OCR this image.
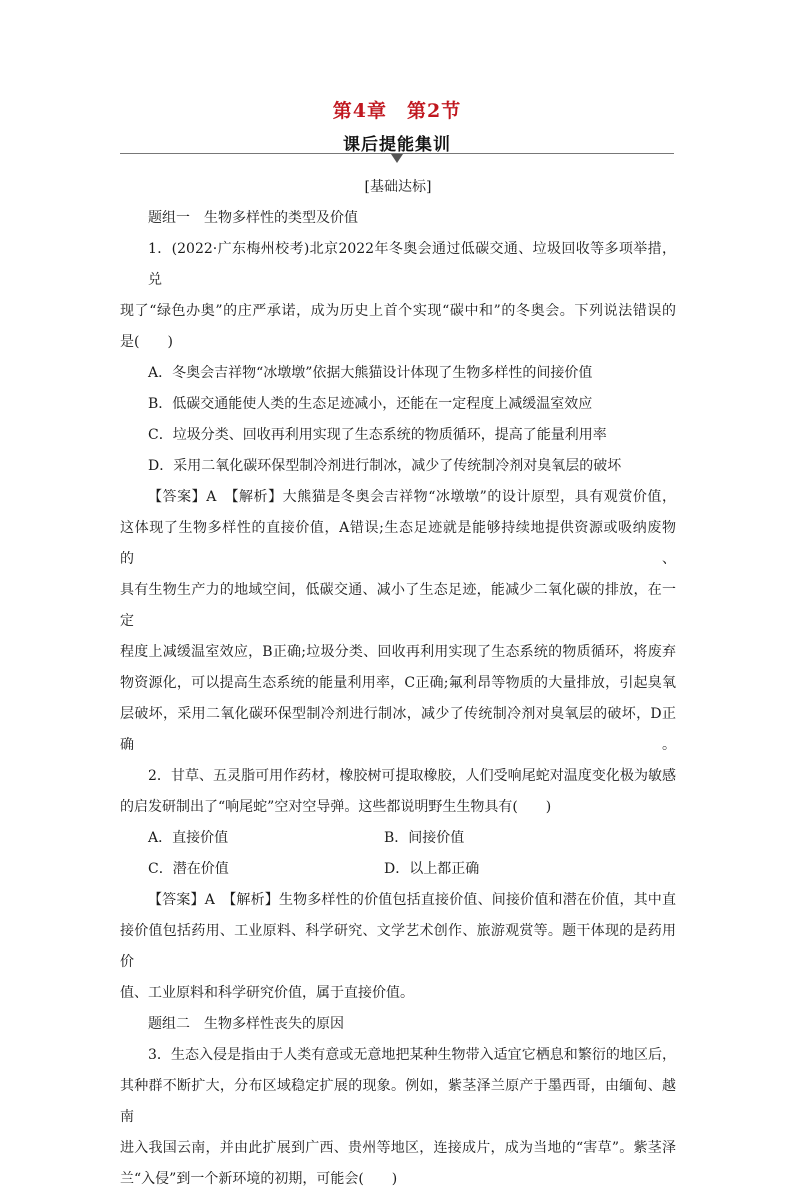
第4章　第2节
课后提能集训

[基础达标]

题组一　生物多样性的类型及价值

1．(2022·广东梅州校考)北京2022年冬奥会通过低碳交通、垃圾回收等多项举措，兑

现了“绿色办奥”的庄严承诺，成为历史上首个实现“碳中和”的冬奥会。下列说法错误的

是(　　)

A．冬奥会吉祥物“冰墩墩”依据大熊猫设计体现了生物多样性的间接价值

B．低碳交通能使人类的生态足迹减小，还能在一定程度上减缓温室效应

C．垃圾分类、回收再利用实现了生态系统的物质循环，提高了能量利用率

D．采用二氧化碳环保型制冷剂进行制冰，减少了传统制冷剂对臭氧层的破坏

【答案】A　【解析】大熊猫是冬奥会吉祥物“冰墩墩”的设计原型，具有观赏价值，

这体现了生物多样性的直接价值，A错误;生态足迹就是能够持续地提供资源或吸纳废物的、

具有生物生产力的地域空间，低碳交通、减小了生态足迹，能减少二氧化碳的排放，在一定

程度上减缓温室效应，B正确;垃圾分类、回收再利用实现了生态系统的物质循环，将废弃

物资源化，可以提高生态系统的能量利用率，C正确;氟利昂等物质的大量排放，引起臭氧

层破坏，采用二氧化碳环保型制冷剂进行制冰，减少了传统制冷剂对臭氧层的破坏，D正确。

2．甘草、五灵脂可用作药材，橡胶树可提取橡胶，人们受响尾蛇对温度变化极为敏感

的启发研制出了“响尾蛇”空对空导弹。这些都说明野生生物具有(　　)

A．直接价值	B．间接价值
C．潜在价值	D．以上都正确

【答案】A　【解析】生物多样性的价值包括直接价值、间接价值和潜在价值，其中直

接价值包括药用、工业原料、科学研究、文学艺术创作、旅游观赏等。题干体现的是药用价

值、工业原料和科学研究价值，属于直接价值。

题组二　生物多样性丧失的原因

3．生态入侵是指由于人类有意或无意地把某种生物带入适宜它栖息和繁衍的地区后，

其种群不断扩大，分布区域稳定扩展的现象。例如，紫茎泽兰原产于墨西哥，由缅甸、越南

进入我国云南，并由此扩展到广西、贵州等地区，连接成片，成为当地的“害草”。紫茎泽

兰“入侵”到一个新环境的初期，可能会(　　)
